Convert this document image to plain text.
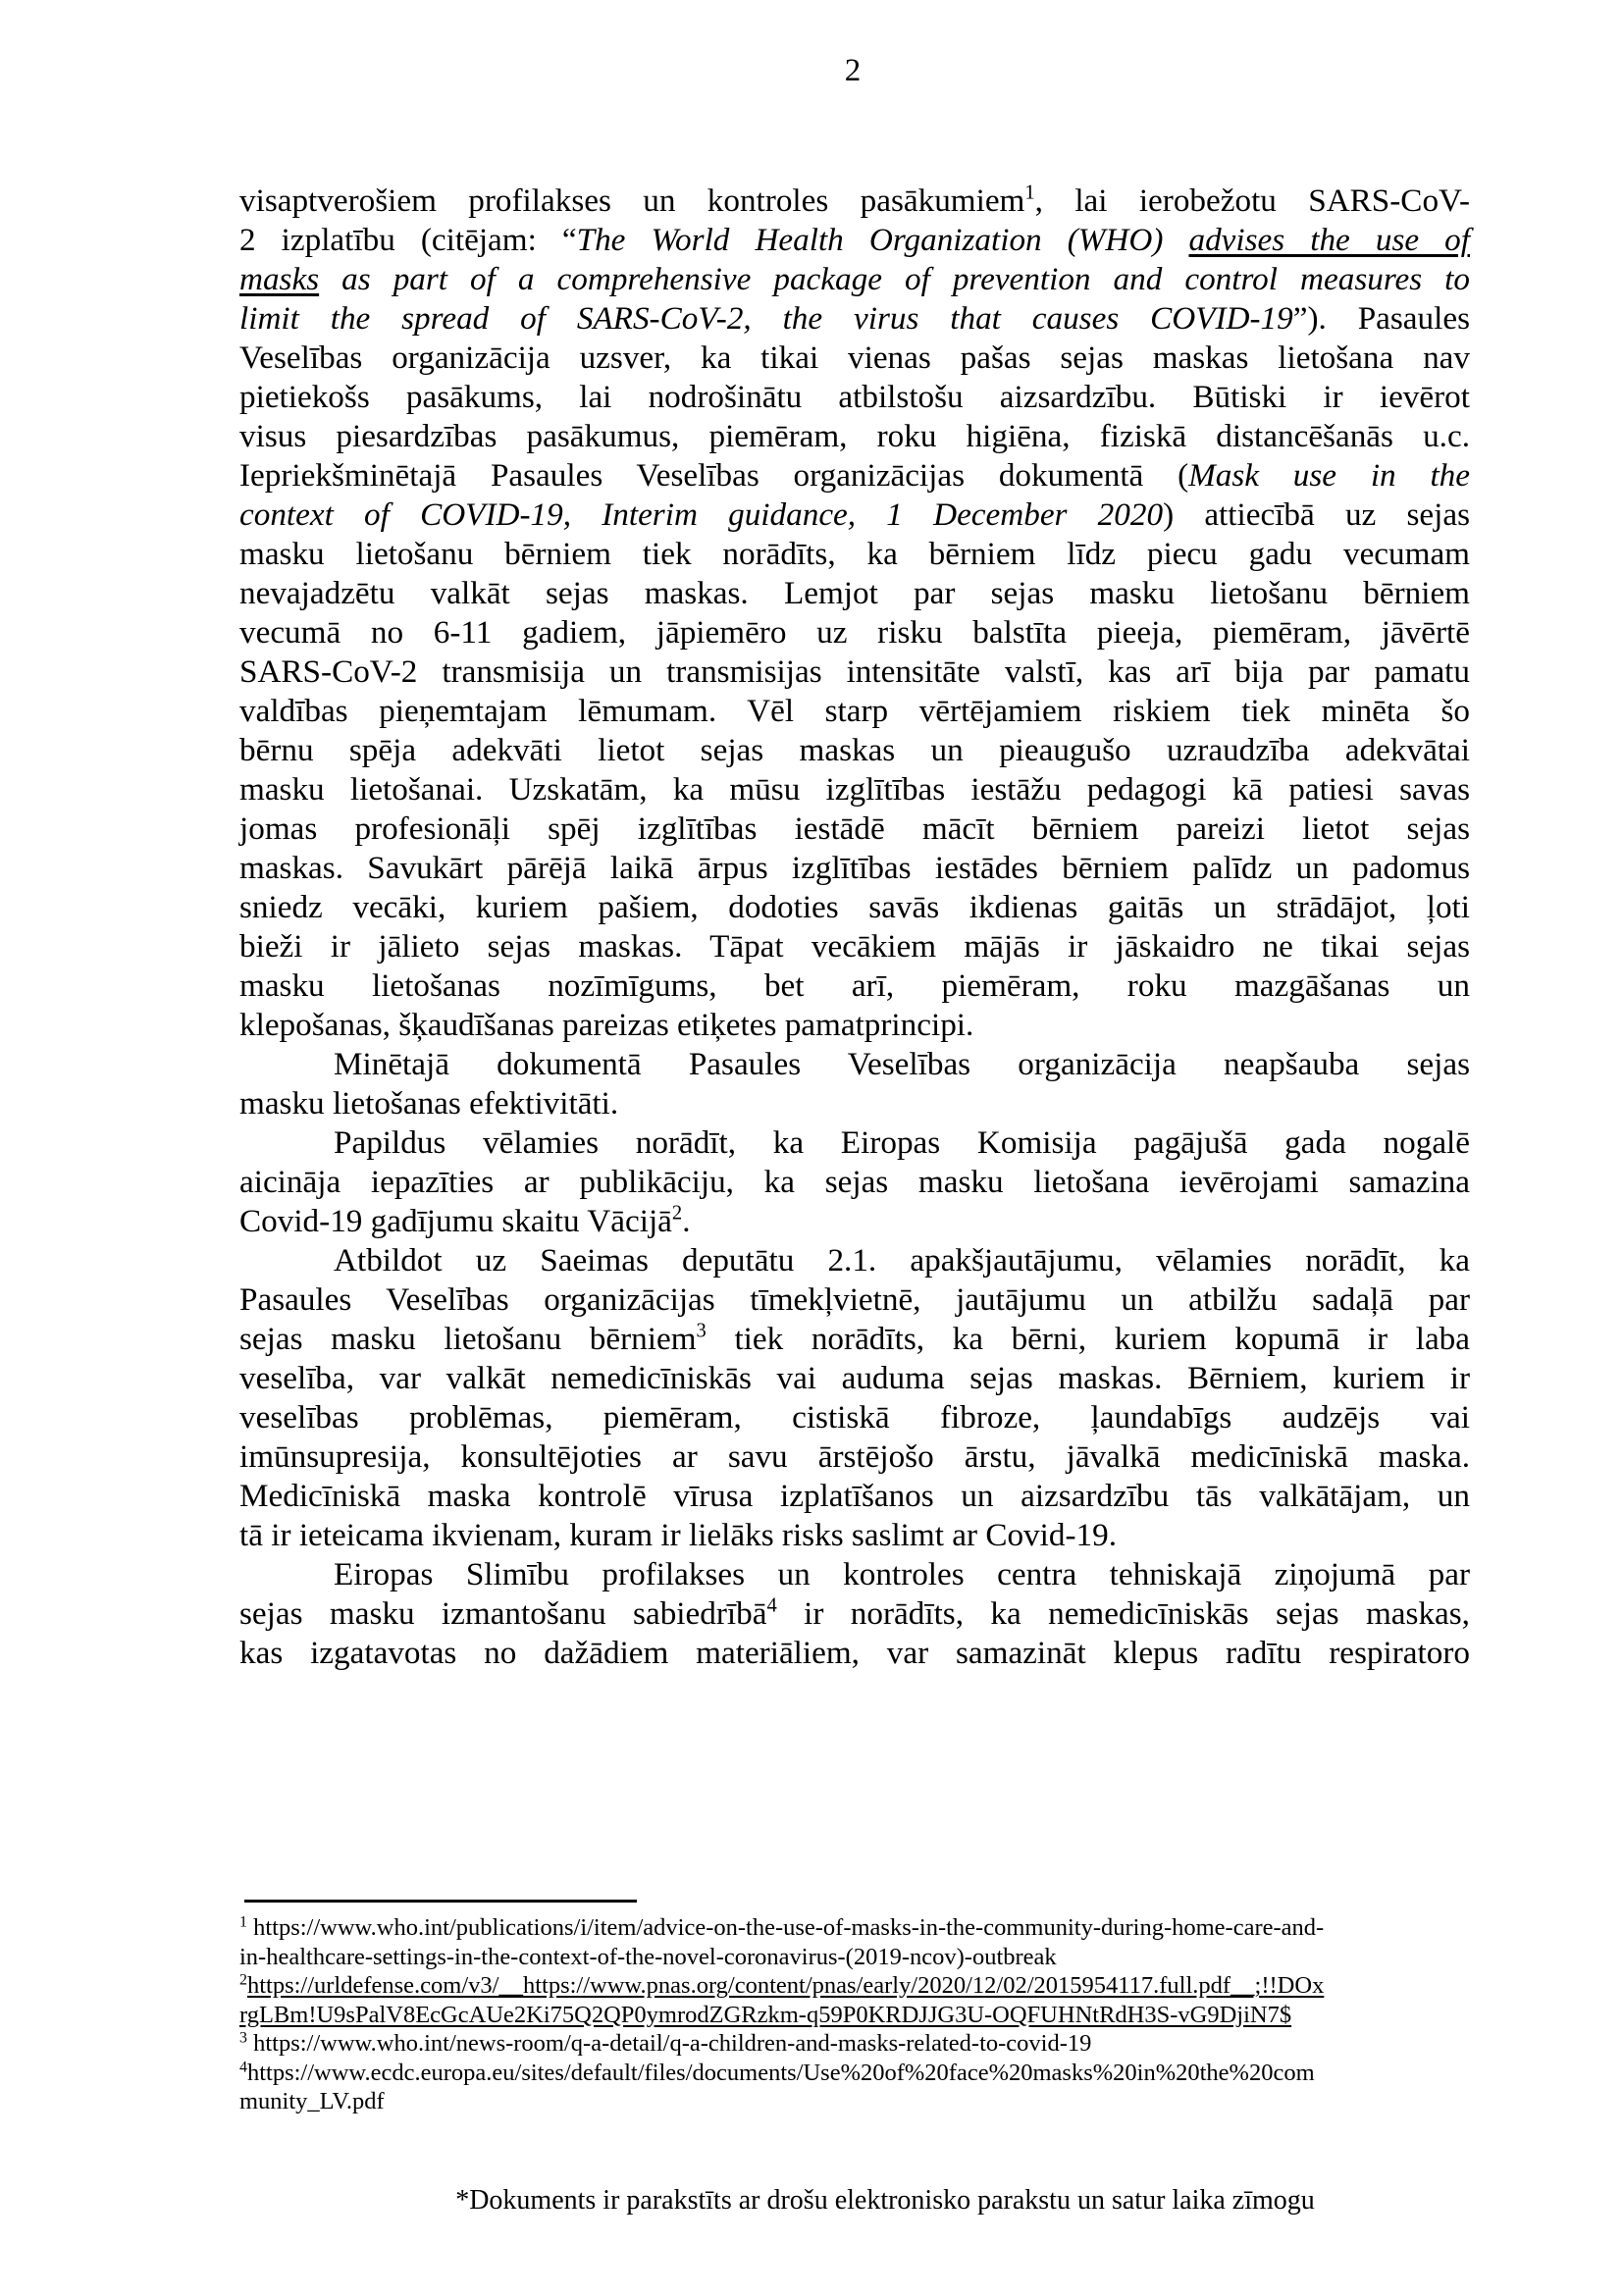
2
visaptverošiem profilakses un kontroles pasākumiem$^1$, lai ierobežotu SARS-CoV-
2 izplatību (citējam: “The World Health Organization (WHO) advises the use of
masks as part of a comprehensive package of prevention and control measures to
limit the spread of SARS-CoV-2, the virus that causes COVID-19”). Pasaules
Veselības organizācija uzsver, ka tikai vienas pašas sejas maskas lietošana nav
pietiekošs pasākums, lai nodrošinātu atbilstošu aizsardzību. Būtiski ir ievērot
visus piesardzības pasākumus, piemēram, roku higiēna, fiziskā distancēšanās u.c.
Iepriekšminētajā Pasaules Veselības organizācijas dokumentā (Mask use in the
context of COVID-19, Interim guidance, 1 December 2020) attiecībā uz sejas
masku lietošanu bērniem tiek norādīts, ka bērniem līdz piecu gadu vecumam
nevajadzētu valkāt sejas maskas. Lemjot par sejas masku lietošanu bērniem
vecumā no 6-11 gadiem, jāpiemēro uz risku balstīta pieeja, piemēram, jāvērtē
SARS-CoV-2 transmisija un transmisijas intensitāte valstī, kas arī bija par pamatu
valdības pieņemtajam lēmumam. Vēl starp vērtējamiem riskiem tiek minēta šo
bērnu spēja adekvāti lietot sejas maskas un pieaugušo uzraudzība adekvātai
masku lietošanai. Uzskatām, ka mūsu izglītības iestāžu pedagogi kā patiesi savas
jomas profesionāļi spēj izglītības iestādē mācīt bērniem pareizi lietot sejas
maskas. Savukārt pārējā laikā ārpus izglītības iestādes bērniem palīdz un padomus
sniedz vecāki, kuriem pašiem, dodoties savās ikdienas gaitās un strādājot, ļoti
bieži ir jālieto sejas maskas. Tāpat vecākiem mājās ir jāskaidro ne tikai sejas
masku lietošanas nozīmīgums, bet arī, piemēram, roku mazgāšanas un
klepošanas, šķaudīšanas pareizas etiķetes pamatprincipi.
Minētajā dokumentā Pasaules Veselības organizācija neapšauba sejas
masku lietošanas efektivitāti.
Papildus vēlamies norādīt, ka Eiropas Komisija pagājušā gada nogalē
aicināja iepazīties ar publikāciju, ka sejas masku lietošana ievērojami samazina
Covid-19 gadījumu skaitu Vācijā$^2$.
Atbildot uz Saeimas deputātu 2.1. apakšjautājumu, vēlamies norādīt, ka
Pasaules Veselības organizācijas tīmekļvietnē, jautājumu un atbilžu sadaļā par
sejas masku lietošanu bērniem$^3$ tiek norādīts, ka bērni, kuriem kopumā ir laba
veselība, var valkāt nemedicīniskās vai auduma sejas maskas. Bērniem, kuriem ir
veselības problēmas, piemēram, cistiskā fibroze, ļaundabīgs audzējs vai
imūnsupresija, konsultējoties ar savu ārstējošo ārstu, jāvalkā medicīniskā maska.
Medicīniskā maska kontrolē vīrusa izplatīšanos un aizsardzību tās valkātājam, un
tā ir ieteicama ikvienam, kuram ir lielāks risks saslimt ar Covid-19.
Eiropas Slimību profilakses un kontroles centra tehniskajā ziņojumā par
sejas masku izmantošanu sabiedrībā$^4$ ir norādīts, ka nemedicīniskās sejas maskas,
kas izgatavotas no dažādiem materiāliem, var samazināt klepus radītu respiratoro
$^1$ https://www.who.int/publications/i/item/advice-on-the-use-of-masks-in-the-community-during-home-care-and-
in-healthcare-settings-in-the-context-of-the-novel-coronavirus-(2019-ncov)-outbreak
$^2$https://urldefense.com/v3/__https://www.pnas.org/content/pnas/early/2020/12/02/2015954117.full.pdf__;!!DOx
rgLBm!U9sPalV8EcGcAUe2Ki75Q2QP0ymrodZGRzkm-q59P0KRDJJG3U-OQFUHNtRdH3S-vG9DjiN7$
$^3$ https://www.who.int/news-room/q-a-detail/q-a-children-and-masks-related-to-covid-19
$^4$https://www.ecdc.europa.eu/sites/default/files/documents/Use%20of%20face%20masks%20in%20the%20com
munity_LV.pdf
*Dokuments ir parakstīts ar drošu elektronisko parakstu un satur laika zīmogu
